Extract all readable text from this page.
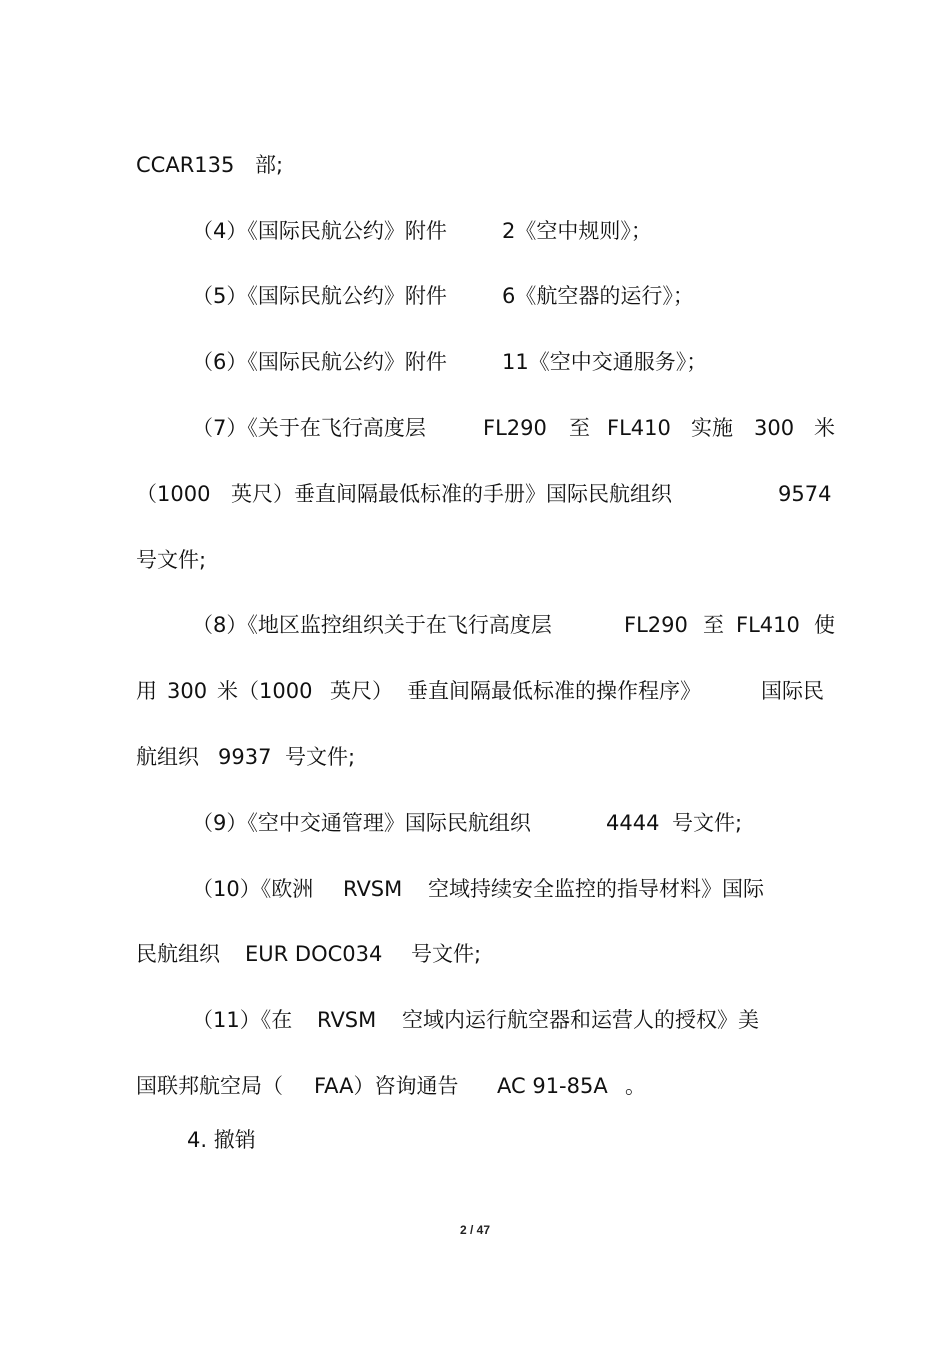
CCAR135

部;

（4）《国际民航公约》附件

	2《空中规则》；

（5）《国际民航公约》附件

	6《航空器的运行》；

（6）《国际民航公约》附件

	11《空中交通服务》；

（7）《关于在飞行高度层

	FL290

至

FL410

实施

300

米

（1000

英尺）垂直间隔最低标准的手册》国际民航组织

	9574

号文件;

（8）《地区监控组织关于在飞行高度层

	FL290

至

FL410

使

用

300

米（1000

英尺）

垂直间隔最低标准的操作程序》

	国际民

航组织

9937

号文件;

（9）《空中交通管理》国际民航组织

	4444

号文件;

（10）《欧洲

RVSM

空域持续安全监控的指导材料》国际

民航组织

EUR DOC034

号文件;

（11）《在

RVSM

空域内运行航空器和运营人的授权》美

国联邦航空局（

FAA）咨询通告

AC 91-85A

。

4. 撤销

2 / 47
